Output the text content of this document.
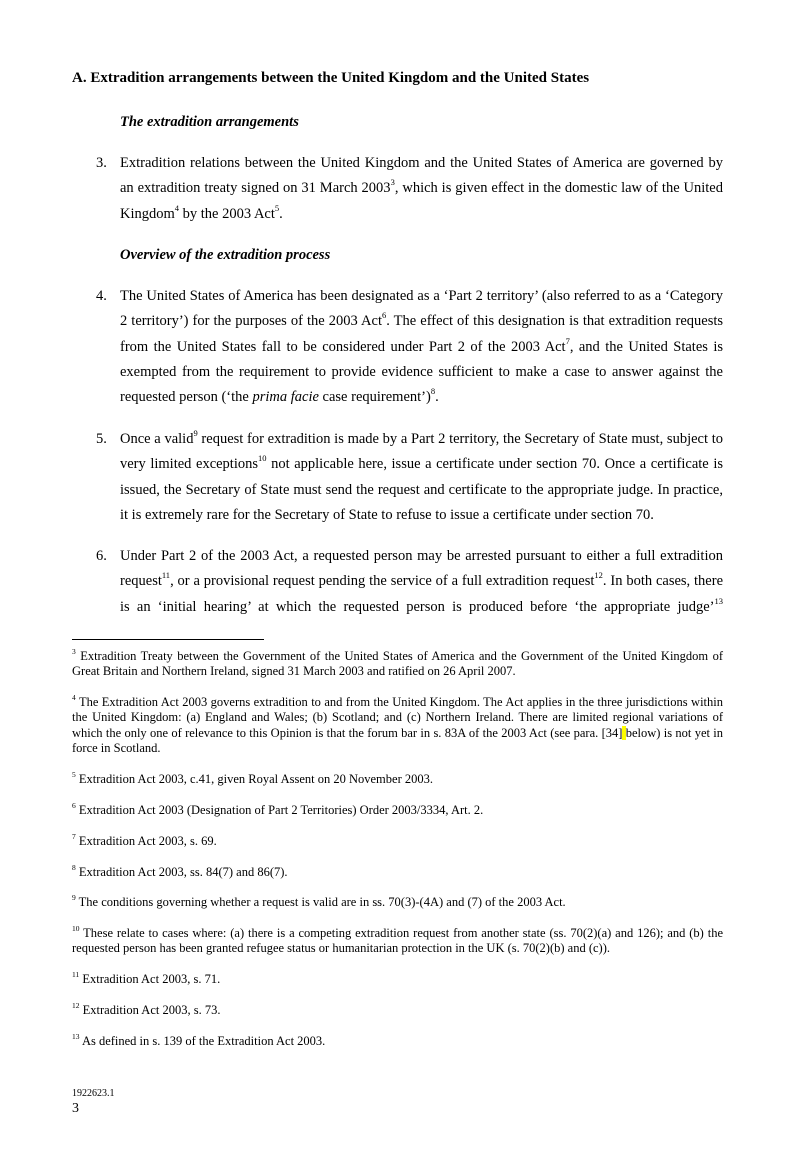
A. Extradition arrangements between the United Kingdom and the United States

The extradition arrangements

3. Extradition relations between the United Kingdom and the United States of America are governed by an extradition treaty signed on 31 March 2003$^3$, which is given effect in the domestic law of the United Kingdom$^4$ by the 2003 Act$^5$.

Overview of the extradition process

4. The United States of America has been designated as a ‘Part 2 territory’ (also referred to as a ‘Category 2 territory’) for the purposes of the 2003 Act$^6$. The effect of this designation is that extradition requests from the United States fall to be considered under Part 2 of the 2003 Act$^7$, and the United States is exempted from the requirement to provide evidence sufficient to make a case to answer against the requested person (‘the prima facie case requirement’)$^8$.
5. Once a valid$^9$ request for extradition is made by a Part 2 territory, the Secretary of State must, subject to very limited exceptions$^{10}$ not applicable here, issue a certificate under section 70. Once a certificate is issued, the Secretary of State must send the request and certificate to the appropriate judge. In practice, it is extremely rare for the Secretary of State to refuse to issue a certificate under section 70.
6. Under Part 2 of the 2003 Act, a requested person may be arrested pursuant to either a full extradition request$^{11}$, or a provisional request pending the service of a full extradition request$^{12}$. In both cases, there is an ‘initial hearing’ at which the requested person is produced before ‘the appropriate judge’$^{13}$
$^3$ Extradition Treaty between the Government of the United States of America and the Government of the United Kingdom of Great Britain and Northern Ireland, signed 31 March 2003 and ratified on 26 April 2007.
$^4$ The Extradition Act 2003 governs extradition to and from the United Kingdom. The Act applies in the three jurisdictions within the United Kingdom: (a) England and Wales; (b) Scotland; and (c) Northern Ireland. There are limited regional variations of which the only one of relevance to this Opinion is that the forum bar in s. 83A of the 2003 Act (see para. [34] below) is not yet in force in Scotland.
$^5$ Extradition Act 2003, c.41, given Royal Assent on 20 November 2003.
$^6$ Extradition Act 2003 (Designation of Part 2 Territories) Order 2003/3334, Art. 2.
$^7$ Extradition Act 2003, s. 69.
$^8$ Extradition Act 2003, ss. 84(7) and 86(7).
$^9$ The conditions governing whether a request is valid are in ss. 70(3)-(4A) and (7) of the 2003 Act.
$^{10}$ These relate to cases where: (a) there is a competing extradition request from another state (ss. 70(2)(a) and 126); and (b) the requested person has been granted refugee status or humanitarian protection in the UK (s. 70(2)(b) and (c)).
$^{11}$ Extradition Act 2003, s. 71.
$^{12}$ Extradition Act 2003, s. 73.
$^{13}$ As defined in s. 139 of the Extradition Act 2003.
1922623.1
3
